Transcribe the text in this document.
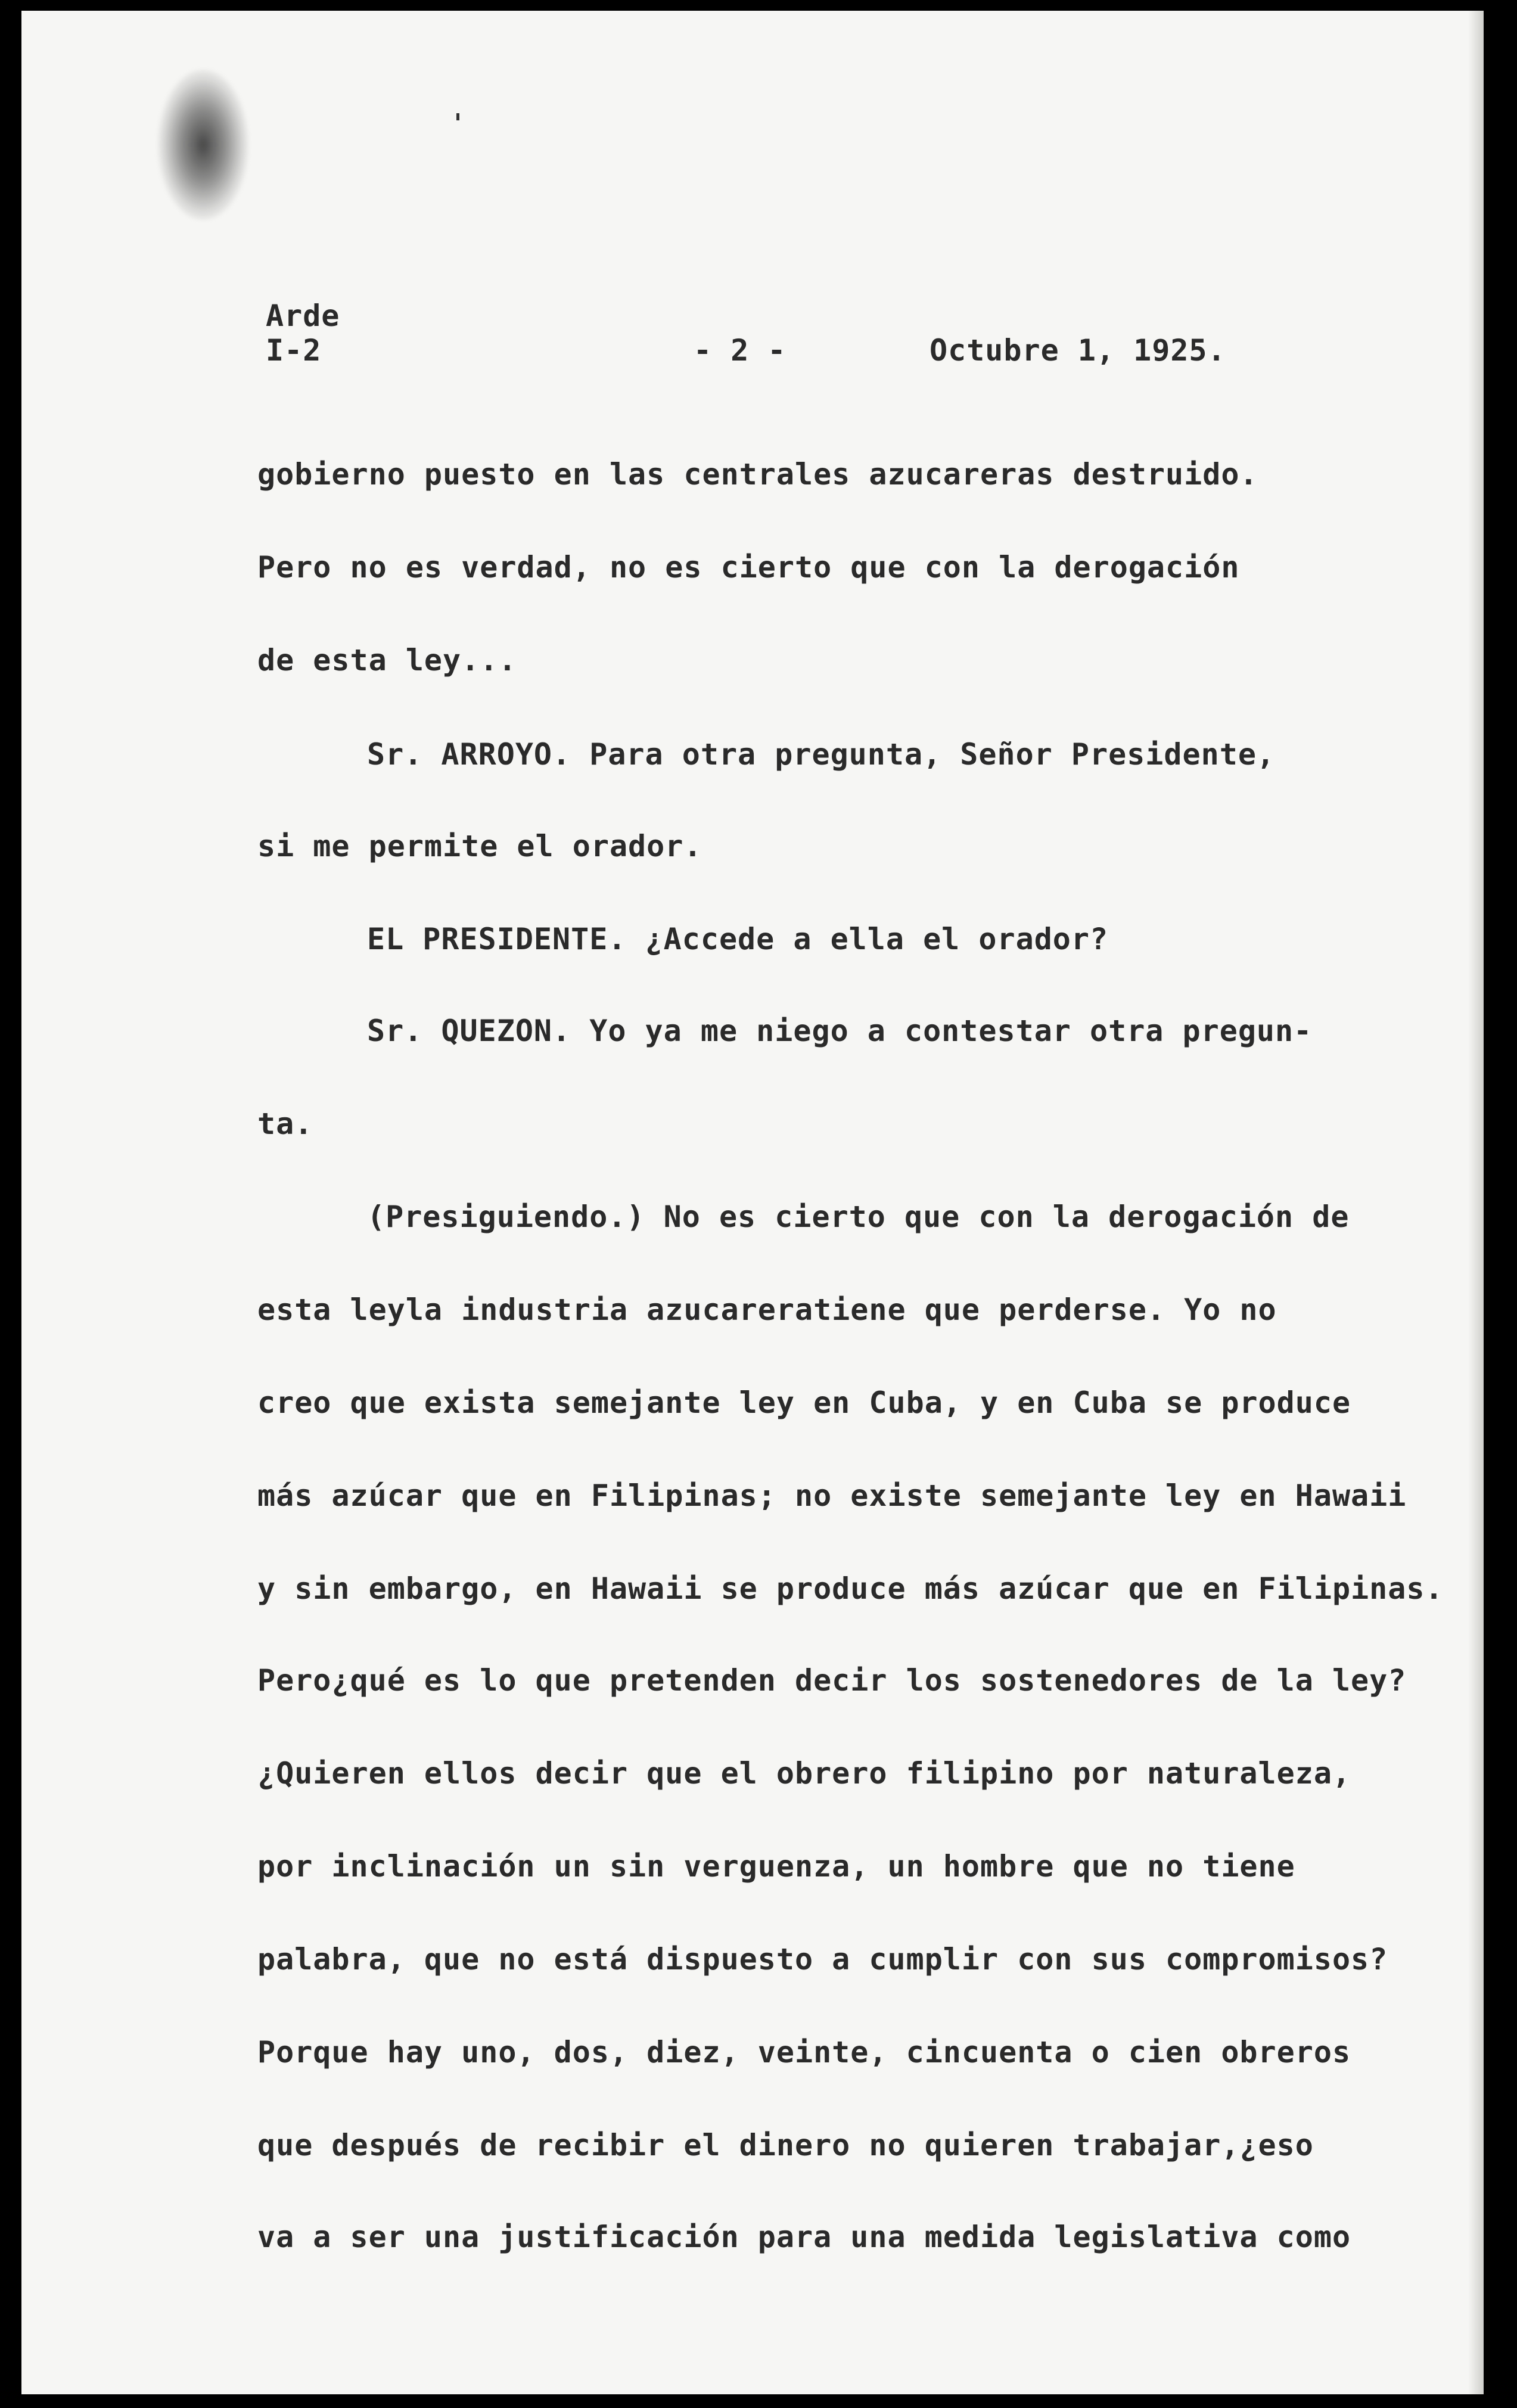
Arde
I-2	- 2 -	Octubre 1, 1925.
gobierno puesto en las centrales azucareras destruido.
Pero no es verdad, no es cierto que con la derogación
de esta ley...
Sr. ARROYO. Para otra pregunta, Señor Presidente,
si me permite el orador.
EL PRESIDENTE. ¿Accede a ella el orador?
Sr. QUEZON. Yo ya me niego a contestar otra pregun-
ta.
(Presiguiendo.) No es cierto que con la derogación de
esta leyla industria azucareratiene que perderse. Yo no
creo que exista semejante ley en Cuba, y en Cuba se produce
más azúcar que en Filipinas; no existe semejante ley en Hawaii
y sin embargo, en Hawaii se produce más azúcar que en Filipinas.
Pero¿qué es lo que pretenden decir los sostenedores de la ley?
¿Quieren ellos decir que el obrero filipino por naturaleza,
por inclinación un sin verguenza, un hombre que no tiene
palabra, que no está dispuesto a cumplir con sus compromisos?
Porque hay uno, dos, diez, veinte, cincuenta o cien obreros
que después de recibir el dinero no quieren trabajar,¿eso
va a ser una justificación para una medida legislativa como
